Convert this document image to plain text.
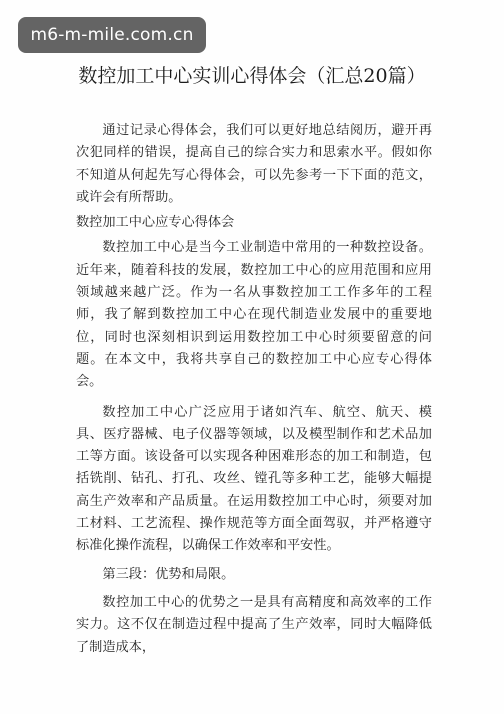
m6-m-mile.com.cn
数控加工中心实训心得体会（汇总20篇）

通过记录心得体会，我们可以更好地总结阅历，避开再次犯同样的错误，提高自己的综合实力和思索水平。假如你不知道从何起先写心得体会，可以先参考一下下面的范文，或许会有所帮助。

数控加工中心应专心得体会

数控加工中心是当今工业制造中常用的一种数控设备。近年来，随着科技的发展，数控加工中心的应用范围和应用领域越来越广泛。作为一名从事数控加工工作多年的工程师，我了解到数控加工中心在现代制造业发展中的重要地位，同时也深刻相识到运用数控加工中心时须要留意的问题。在本文中，我将共享自己的数控加工中心应专心得体会。

数控加工中心广泛应用于诸如汽车、航空、航天、模具、医疗器械、电子仪器等领域，以及模型制作和艺术品加工等方面。该设备可以实现各种困难形态的加工和制造，包括铣削、钻孔、打孔、攻丝、镗孔等多种工艺，能够大幅提高生产效率和产品质量。在运用数控加工中心时，须要对加工材料、工艺流程、操作规范等方面全面驾驭，并严格遵守标准化操作流程，以确保工作效率和平安性。

第三段：优势和局限。

数控加工中心的优势之一是具有高精度和高效率的工作实力。这不仅在制造过程中提高了生产效率，同时大幅降低了制造成本，
